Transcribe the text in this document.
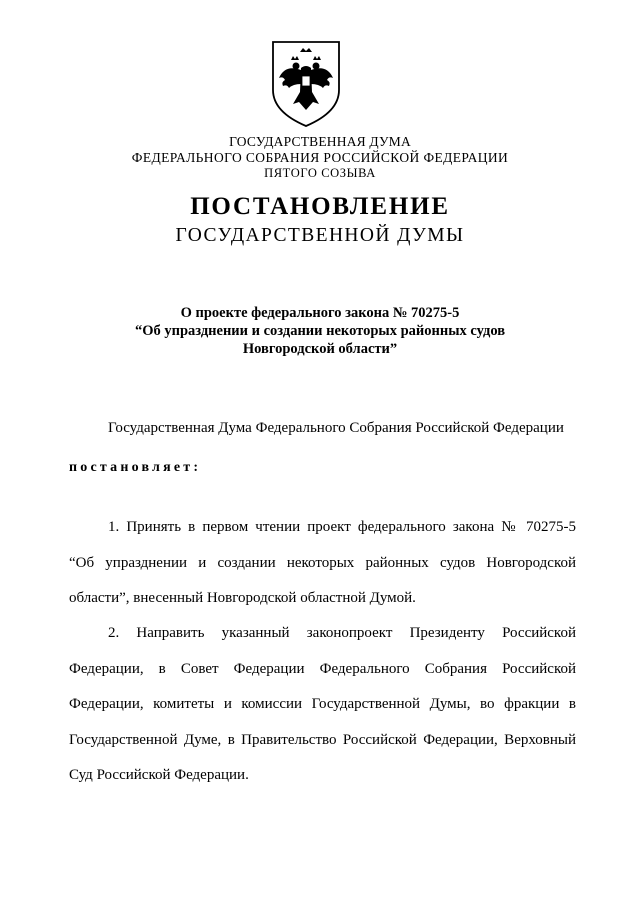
ГОСУДАРСТВЕННАЯ ДУМА
ФЕДЕРАЛЬНОГО СОБРАНИЯ РОССИЙСКОЙ ФЕДЕРАЦИИ
ПЯТОГО СОЗЫВА
ПОСТАНОВЛЕНИЕ
ГОСУДАРСТВЕННОЙ ДУМЫ
О проекте федерального закона № 70275-5
“Об упразднении и создании некоторых районных судов
Новгородской области”
Государственная Дума Федерального Собрания Российской Федерации
постановляет:
1. Принять в первом чтении проект федерального закона № 70275-5
“Об упразднении и создании некоторых районных судов Новгородской
области”, внесенный Новгородской областной Думой.
2. Направить указанный законопроект Президенту Российской
Федерации, в Совет Федерации Федерального Собрания Российской
Федерации, комитеты и комиссии Государственной Думы, во фракции в
Государственной Думе, в Правительство Российской Федерации, Верховный
Суд Российской Федерации.
